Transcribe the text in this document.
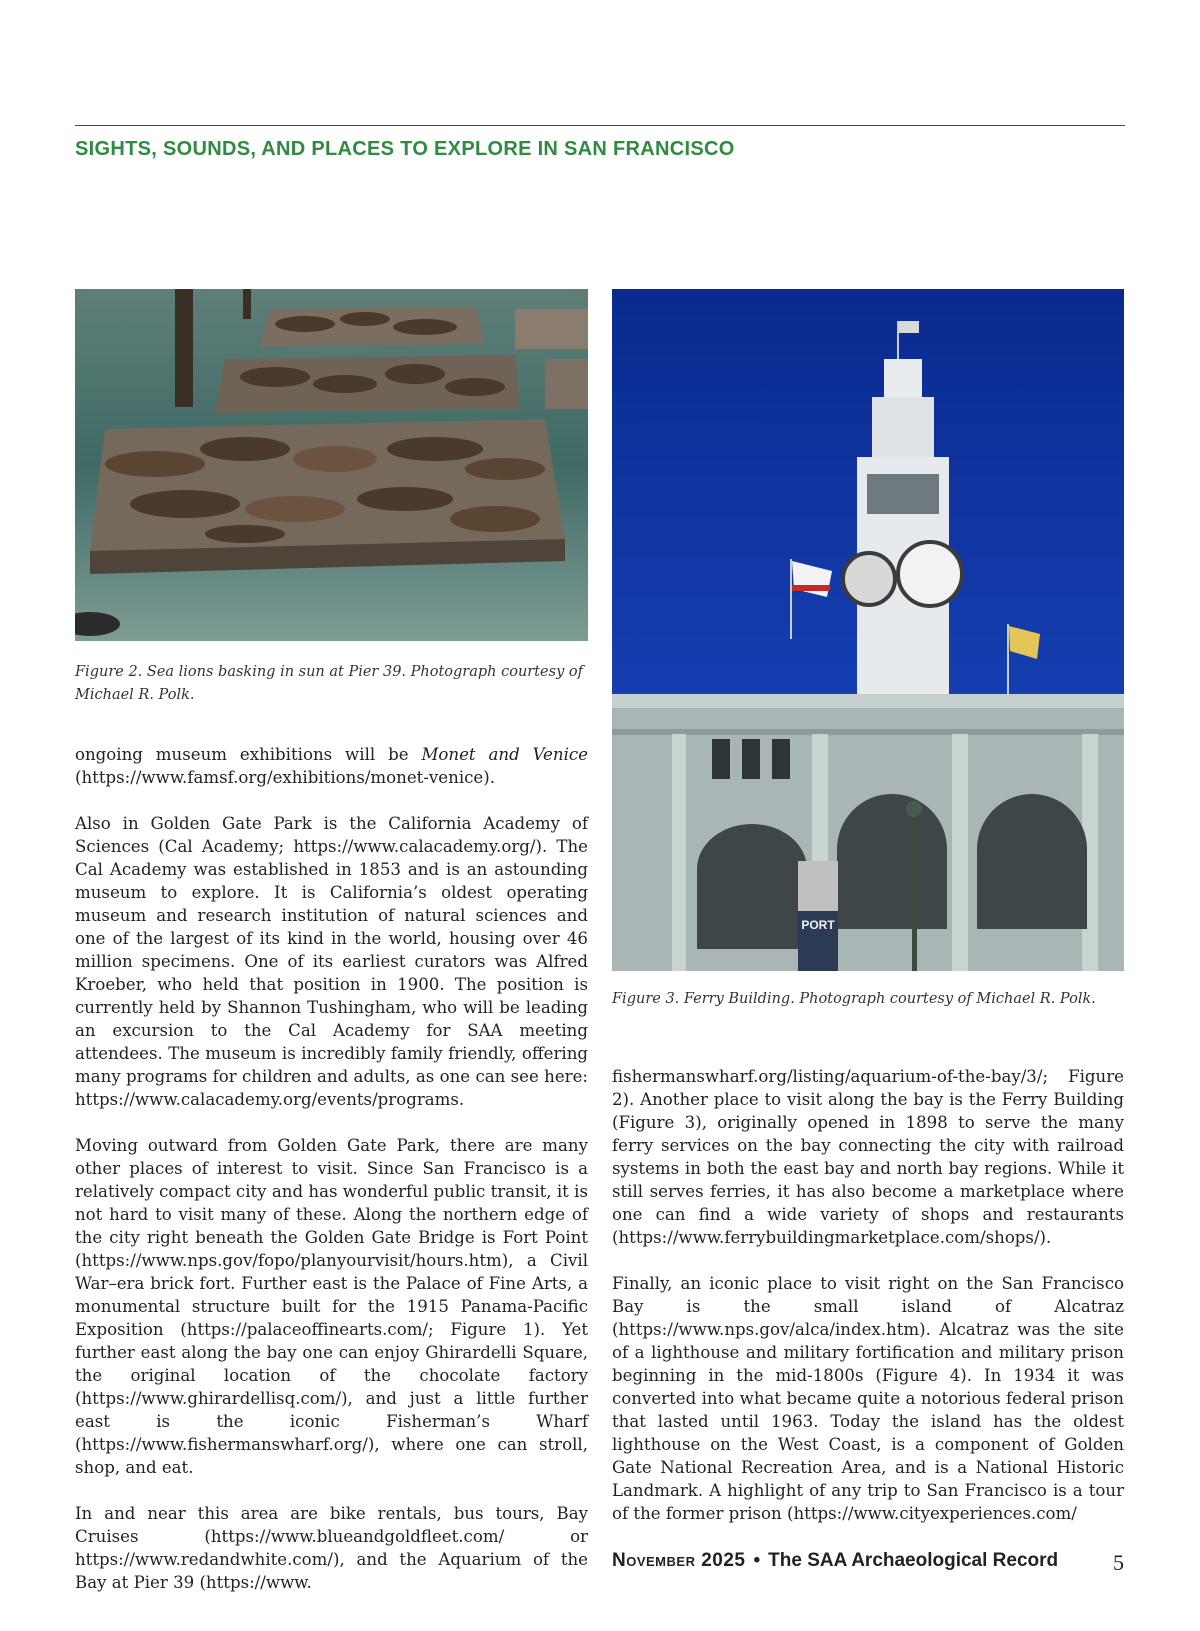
SIGHTS, SOUNDS, AND PLACES TO EXPLORE IN SAN FRANCISCO

Figure 2. Sea lions basking in sun at Pier 39. Photograph courtesy of Michael R. Polk.

PORT

Figure 3. Ferry Building. Photograph courtesy of Michael R. Polk.

ongoing museum exhibitions will be Monet and Venice (https://www.famsf.org/exhibitions/monet-venice).

Also in Golden Gate Park is the California Academy of Sciences (Cal Academy; https://www.calacademy.org/). The Cal Academy was established in 1853 and is an astounding museum to explore. It is California’s oldest operating museum and research institution of natural sciences and one of the largest of its kind in the world, housing over 46 million specimens. One of its earliest curators was Alfred Kroeber, who held that position in 1900. The position is currently held by Shannon Tushingham, who will be leading an excursion to the Cal Academy for SAA meeting attendees. The museum is incredibly family friendly, offering many programs for children and adults, as one can see here: https://www.calacademy.org/events/programs.

Moving outward from Golden Gate Park, there are many other places of interest to visit. Since San Francisco is a relatively compact city and has wonderful public transit, it is not hard to visit many of these. Along the northern edge of the city right beneath the Golden Gate Bridge is Fort Point (https://www.nps.gov/fopo/planyourvisit/hours.htm), a Civil War–era brick fort. Further east is the Palace of Fine Arts, a monumental structure built for the 1915 Panama-Pacific Exposition (https://palaceoffinearts.com/; Figure 1). Yet further east along the bay one can enjoy Ghirardelli Square, the original location of the chocolate factory (https://www.ghirardellisq.com/), and just a little further east is the iconic Fisherman’s Wharf (https://www.fishermanswharf.org/), where one can stroll, shop, and eat.

In and near this area are bike rentals, bus tours, Bay Cruises (https://www.blueandgoldfleet.com/ or https://www.redandwhite.com/), and the Aquarium of the Bay at Pier 39 (https://www.

fishermanswharf.org/listing/aquarium-of-the-bay/3/; Figure 2). Another place to visit along the bay is the Ferry Building (Figure 3), originally opened in 1898 to serve the many ferry services on the bay connecting the city with railroad systems in both the east bay and north bay regions. While it still serves ferries, it has also become a marketplace where one can find a wide variety of shops and restaurants (https://www.ferrybuildingmarketplace.com/shops/).

Finally, an iconic place to visit right on the San Francisco Bay is the small island of Alcatraz (https://www.nps.gov/alca/index.htm). Alcatraz was the site of a lighthouse and military fortification and military prison beginning in the mid-1800s (Figure 4). In 1934 it was converted into what became quite a notorious federal prison that lasted until 1963. Today the island has the oldest lighthouse on the West Coast, is a component of Golden Gate National Recreation Area, and is a National Historic Landmark. A highlight of any trip to San Francisco is a tour of the former prison (https://www.cityexperiences.com/

November 2025 • The SAA Archaeological Record 5
